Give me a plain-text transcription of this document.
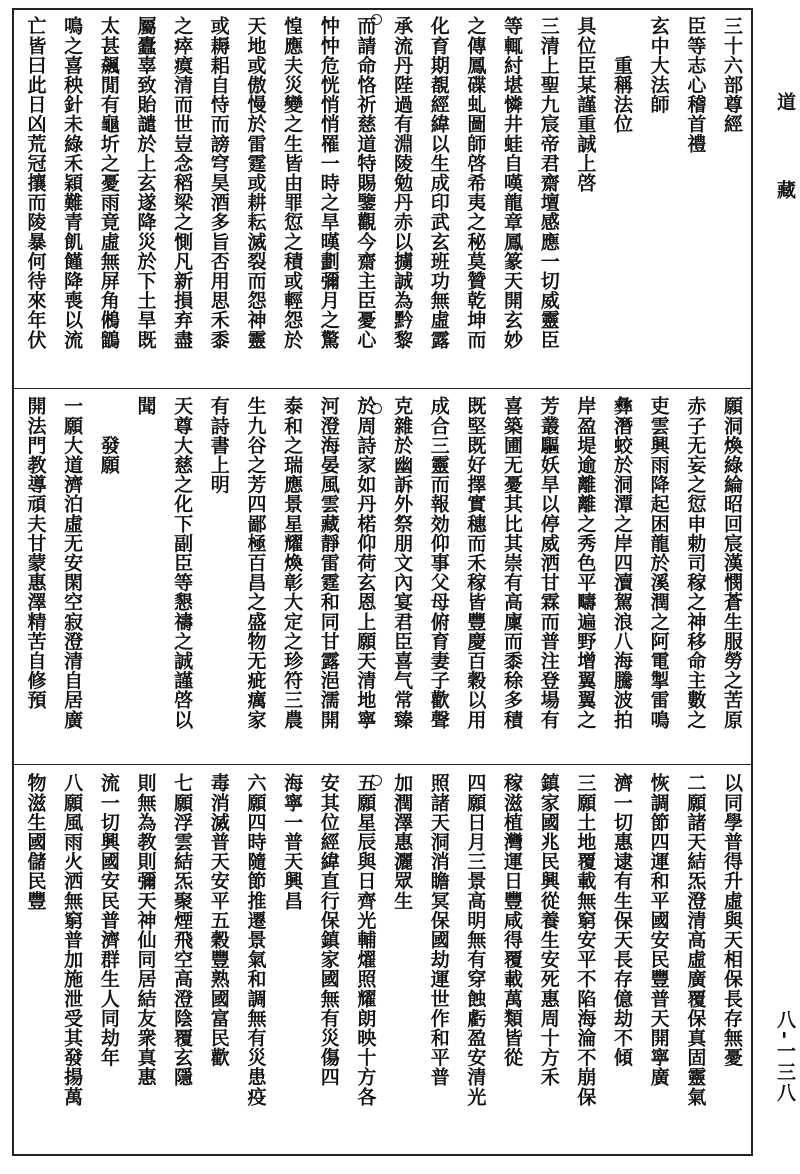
三十六部尊經
臣等志心稽首禮
玄中大法師
　　重稱法位
具位臣某謹重誠上啓
三清上聖九宸帝君齋壇感應一切威靈臣
等輒紂堪憐井蛙自嘆龍章鳳篆天開玄妙
之傳鳳碟虬圖師啓希夷之秘莫贊乾坤而
化育期覩經緯以生成印武玄班功無虛露
承流丹陛過有淵陵勉丹赤以擄誠為黔黎
而請命恪祈慈道特賜鑒觀今齋主臣憂心
忡忡危恍悄悄罹一時之旱暵劃彌月之驚
惶應夫災變之生皆由罪愆之積或輕怨於
天地或傲慢於雷霆或耕耘滅裂而怨神靈
或耨耜自恃而謗穹昊酒多旨否用思禾黍
之瘁瘼清而世豈念稻梁之惻凡新損弃盡
屬蠹辜致貽譴於上玄遂降災於下土旱既
太甚飆閒有龜圻之憂雨竟虛無屏角鵂鶹
鳴之喜秧針未綠禾穎難青飢饉降喪以流
亡皆曰此日凶荒冠攘而陵暴何待來年伏
願洞煥綠綸昭回宸漢憫蒼生服勞之苦原
赤子无妄之愆申勅司稼之神移命主數之
吏雲興雨降起困龍於溪潤之阿電掣雷鳴
彝潛蛟於洞潭之岸四瀆駕浪八海騰波拍
岸盈堤逾離離之秀色平疇遍野增翼翼之
芳叢驅妖旱以停威洒甘霖而普注登場有
喜築圃无憂其比其崇有高廩而黍稌多積
既堅既好擇實穗而禾稼皆豐慶百穀以用
成合三靈而報効仰事父母俯育妻子歡聲
克雜於幽訴外祭朋文內宴君臣喜气常臻
於周詩家如丹楉仰荷玄恩上願天清地寧
河澄海晏風雲藏靜雷霆和同甘露浥濡開
泰和之瑞應景星耀煥彰大定之珍符三農
生九谷之芳四鄙極百昌之盛物无疵癘家
有詩書上明
天尊大慈之化下副臣等懇禱之誠謹啓以
聞
　　發願
一願大道濟泊虛无安閑空寂澄清自居廣
開法門教導頑夫甘蒙惠澤精苦自修預
以同學普得升虛與天相保長存無憂
二願諸天結炁澄清高虛廣覆保真固靈氣
恢調節四運和平國安民豐普天開寧廣
濟一切惠逮有生保天長存億劫不傾
三願土地覆載無窮安平不陷海淪不崩保
鎮家國兆民興從養生安死惠周十方禾
稼滋植灣運日豐咸得覆載萬類皆從
四願日月三景高明無有穿蝕虧盈安清光
照諸天洞消瞻冥保國劫運世作和平普
加潤澤惠灑眾生
五願星辰與日齊光輔燿照耀朗映十方各
安其位經緯直行保鎮家國無有災傷四
海寧一普天興昌
六願四時隨節推遷景氣和調無有災患疫
毒消滅普天安平五穀豐熟國富民歡
七願浮雲結炁聚煙飛空高澄陰覆玄隱
則無為教則彌天神仙同居結友衆真惠
流一切興國安民普濟群生人同劫年
八願風雨火洒無窮普加施泄受其發揚萬
物滋生國儲民豐
道
藏
八-一三八
